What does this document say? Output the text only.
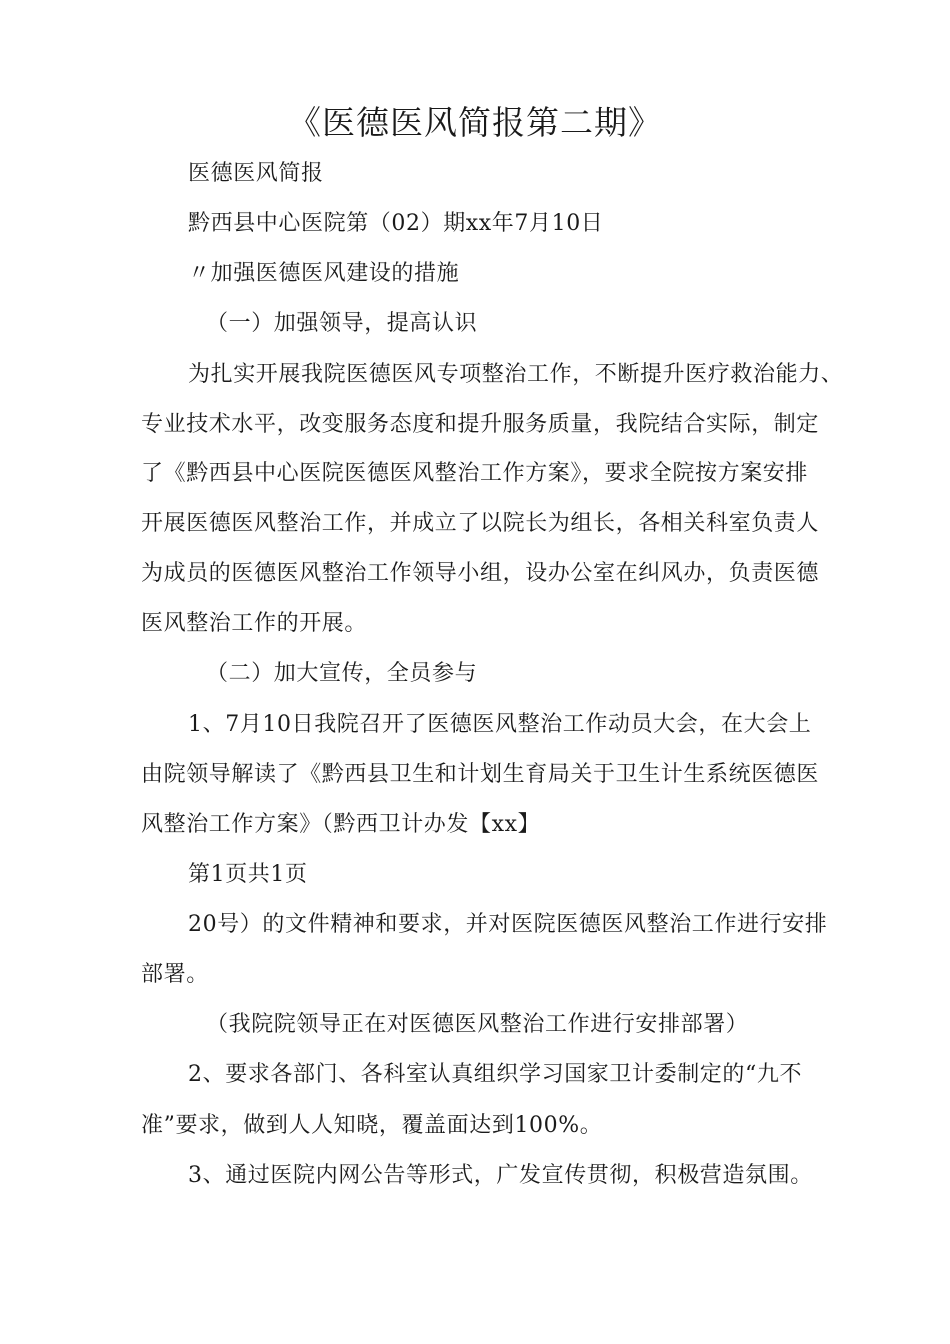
《医德医风简报第二期》
医德医风简报
黔西县中心医院第（02）期xx年7月10日
〃加强医德医风建设的措施
（一）加强领导，提高认识
为扎实开展我院医德医风专项整治工作，不断提升医疗救治能力、
专业技术水平，改变服务态度和提升服务质量，我院结合实际，制定
了《黔西县中心医院医德医风整治工作方案》，要求全院按方案安排
开展医德医风整治工作，并成立了以院长为组长，各相关科室负责人
为成员的医德医风整治工作领导小组，设办公室在纠风办，负责医德
医风整治工作的开展。
（二）加大宣传，全员参与
1、7月10日我院召开了医德医风整治工作动员大会，在大会上
由院领导解读了《黔西县卫生和计划生育局关于卫生计生系统医德医
风整治工作方案》（黔西卫计办发【xx】
第1页共1页
20号）的文件精神和要求，并对医院医德医风整治工作进行安排
部署。
（我院院领导正在对医德医风整治工作进行安排部署）
2、要求各部门、各科室认真组织学习国家卫计委制定的“九不
准”要求，做到人人知晓，覆盖面达到100%。
3、通过医院内网公告等形式，广发宣传贯彻，积极营造氛围。
